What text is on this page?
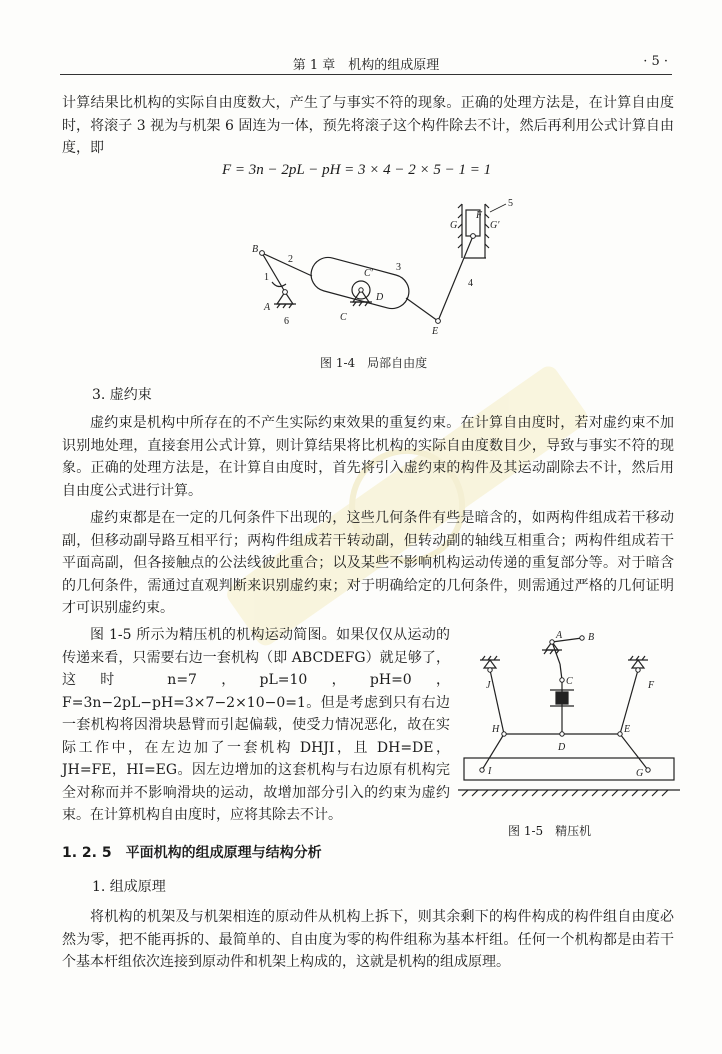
第 1 章　机构的组成原理	· 5 ·
计算结果比机构的实际自由度数大，产生了与事实不符的现象。正确的处理方法是，在计算自由度时，将滚子 3 视为与机架 6 固连为一体，预先将滚子这个构件除去不计，然后再利用公式计算自由度，即
F = 3n − 2pL − pH = 3 × 4 − 2 × 5 − 1 = 1
B
A
1
2
6
C′
3
D
C
E
4
G
F
G′
5
图 1-4　局部自由度
3. 虚约束
虚约束是机构中所存在的不产生实际约束效果的重复约束。在计算自由度时，若对虚约束不加识别地处理，直接套用公式计算，则计算结果将比机构的实际自由度数目少，导致与事实不符的现象。正确的处理方法是，在计算自由度时，首先将引入虚约束的构件及其运动副除去不计，然后用自由度公式进行计算。
虚约束都是在一定的几何条件下出现的，这些几何条件有些是暗含的，如两构件组成若干移动副，但移动副导路互相平行；两构件组成若干转动副，但转动副的轴线互相重合；两构件组成若干平面高副，但各接触点的公法线彼此重合；以及某些不影响机构运动传递的重复部分等。对于暗含的几何条件，需通过直观判断来识别虚约束；对于明确给定的几何条件，则需通过严格的几何证明才可识别虚约束。
图 1-5 所示为精压机的机构运动简图。如果仅仅从运动的传递来看，只需要右边一套机构（即 ABCDEFG）就足够了，这时 n=7，pL=10，pH=0，F=3n−2pL−pH=3×7−2×10−0=1。但是考虑到只有右边一套机构将因滑块悬臂而引起偏载，使受力情况恶化，故在实际工作中，在左边加了一套机构 DHJI，且 DH=DE，JH=FE，HI=EG。因左边增加的这套机构与右边原有机构完全对称而并不影响滑块的运动，故增加部分引入的约束为虚约束。在计算机构自由度时，应将其除去不计。
A	B
C
D
H	E
J	F
I	G
图 1-5　精压机
1. 2. 5　平面机构的组成原理与结构分析
1. 组成原理
将机构的机架及与机架相连的原动件从机构上拆下，则其余剩下的构件构成的构件组自由度必然为零，把不能再拆的、最简单的、自由度为零的构件组称为基本杆组。任何一个机构都是由若干个基本杆组依次连接到原动件和机架上构成的，这就是机构的组成原理。
